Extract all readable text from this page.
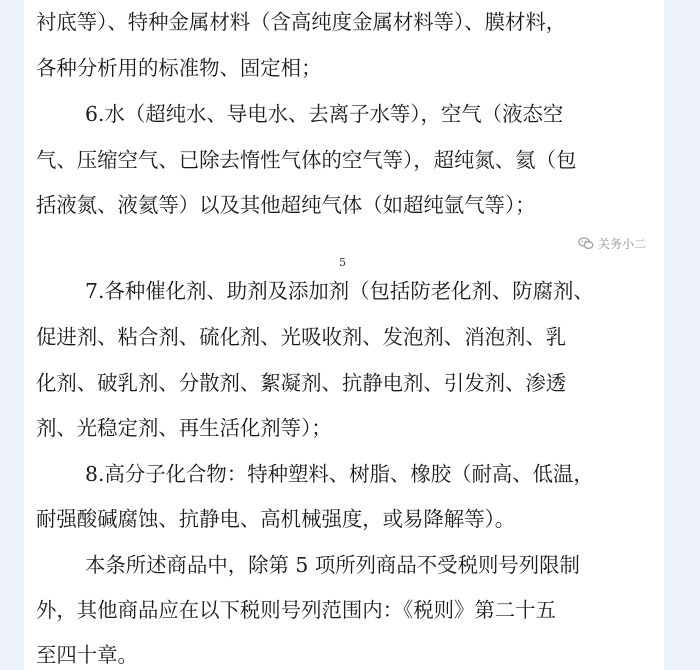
衬底等）、特种金属材料（含高纯度金属材料等）、膜材料，
各种分析用的标准物、固定相；
6.水（超纯水、导电水、去离子水等），空气（液态空
气、压缩空气、已除去惰性气体的空气等），超纯氮、氦（包
括液氮、液氦等）以及其他超纯气体（如超纯氩气等）；
5
关务小二
7.各种催化剂、助剂及添加剂（包括防老化剂、防腐剂、
促进剂、粘合剂、硫化剂、光吸收剂、发泡剂、消泡剂、乳
化剂、破乳剂、分散剂、絮凝剂、抗静电剂、引发剂、渗透
剂、光稳定剂、再生活化剂等）；
8.高分子化合物：特种塑料、树脂、橡胶（耐高、低温，
耐强酸碱腐蚀、抗静电、高机械强度，或易降解等）。
本条所述商品中，除第 5 项所列商品不受税则号列限制
外，其他商品应在以下税则号列范围内：《税则》第二十五
至四十章。
